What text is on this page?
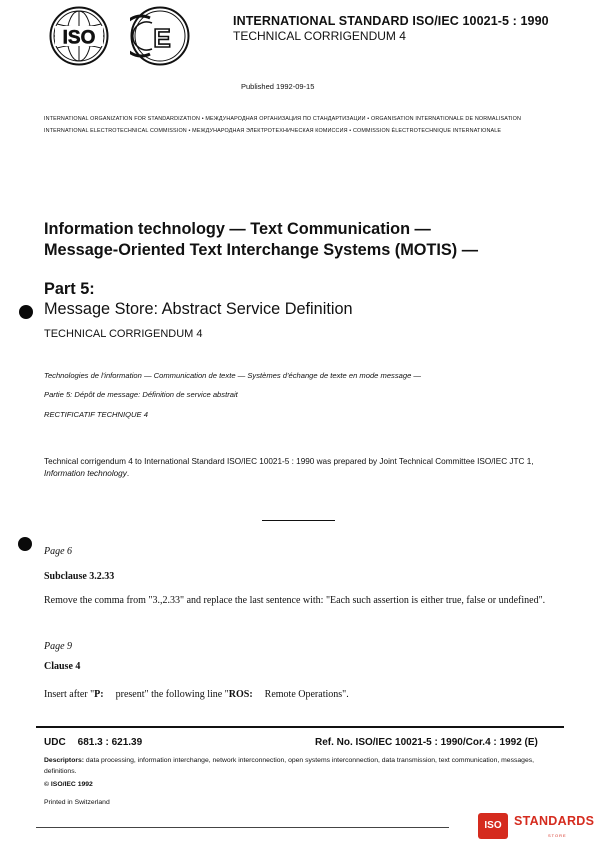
ISO E
INTERNATIONAL STANDARD ISO/IEC 10021-5 : 1990
TECHNICAL CORRIGENDUM 4
Published 1992-09-15
INTERNATIONAL ORGANIZATION FOR STANDARDIZATION • МЕЖДУНАРОДНАЯ ОРГАНИЗАЦИЯ ПО СТАНДАРТИЗАЦИИ • ORGANISATION INTERNATIONALE DE NORMALISATION
INTERNATIONAL ELECTROTECHNICAL COMMISSION • МЕЖДУНАРОДНАЯ ЭЛЕКТРОТЕХНИЧЕСКАЯ КОМИССИЯ • COMMISSION ÉLECTROTECHNIQUE INTERNATIONALE
Information technology — Text Communication —
Message-Oriented Text Interchange Systems (MOTIS) —
Part 5:
Message Store: Abstract Service Definition
TECHNICAL CORRIGENDUM 4
Technologies de l'information — Communication de texte — Systèmes d'échange de texte en mode message —
Partie 5: Dépôt de message: Définition de service abstrait
RECTIFICATIF TECHNIQUE 4
Technical corrigendum 4 to International Standard ISO/IEC 10021-5 : 1990 was prepared by Joint Technical Committee ISO/IEC JTC 1, Information technology.
Page 6
Subclause 3.2.33
Remove the comma from "3.,2.33" and replace the last sentence with: "Each such assertion is either true, false or undefined".
Page 9
Clause 4
Insert after "P: present" the following line "ROS: Remote Operations".
UDC 681.3 : 621.39	Ref. No. ISO/IEC 10021-5 : 1990/Cor.4 : 1992 (E)
Descriptors: data processing, information interchange, network interconnection, open systems interconnection, data transmission, text communication, messages, definitions.
© ISO/IEC 1992
Printed in Switzerland
ISO STANDARDS
STORE
